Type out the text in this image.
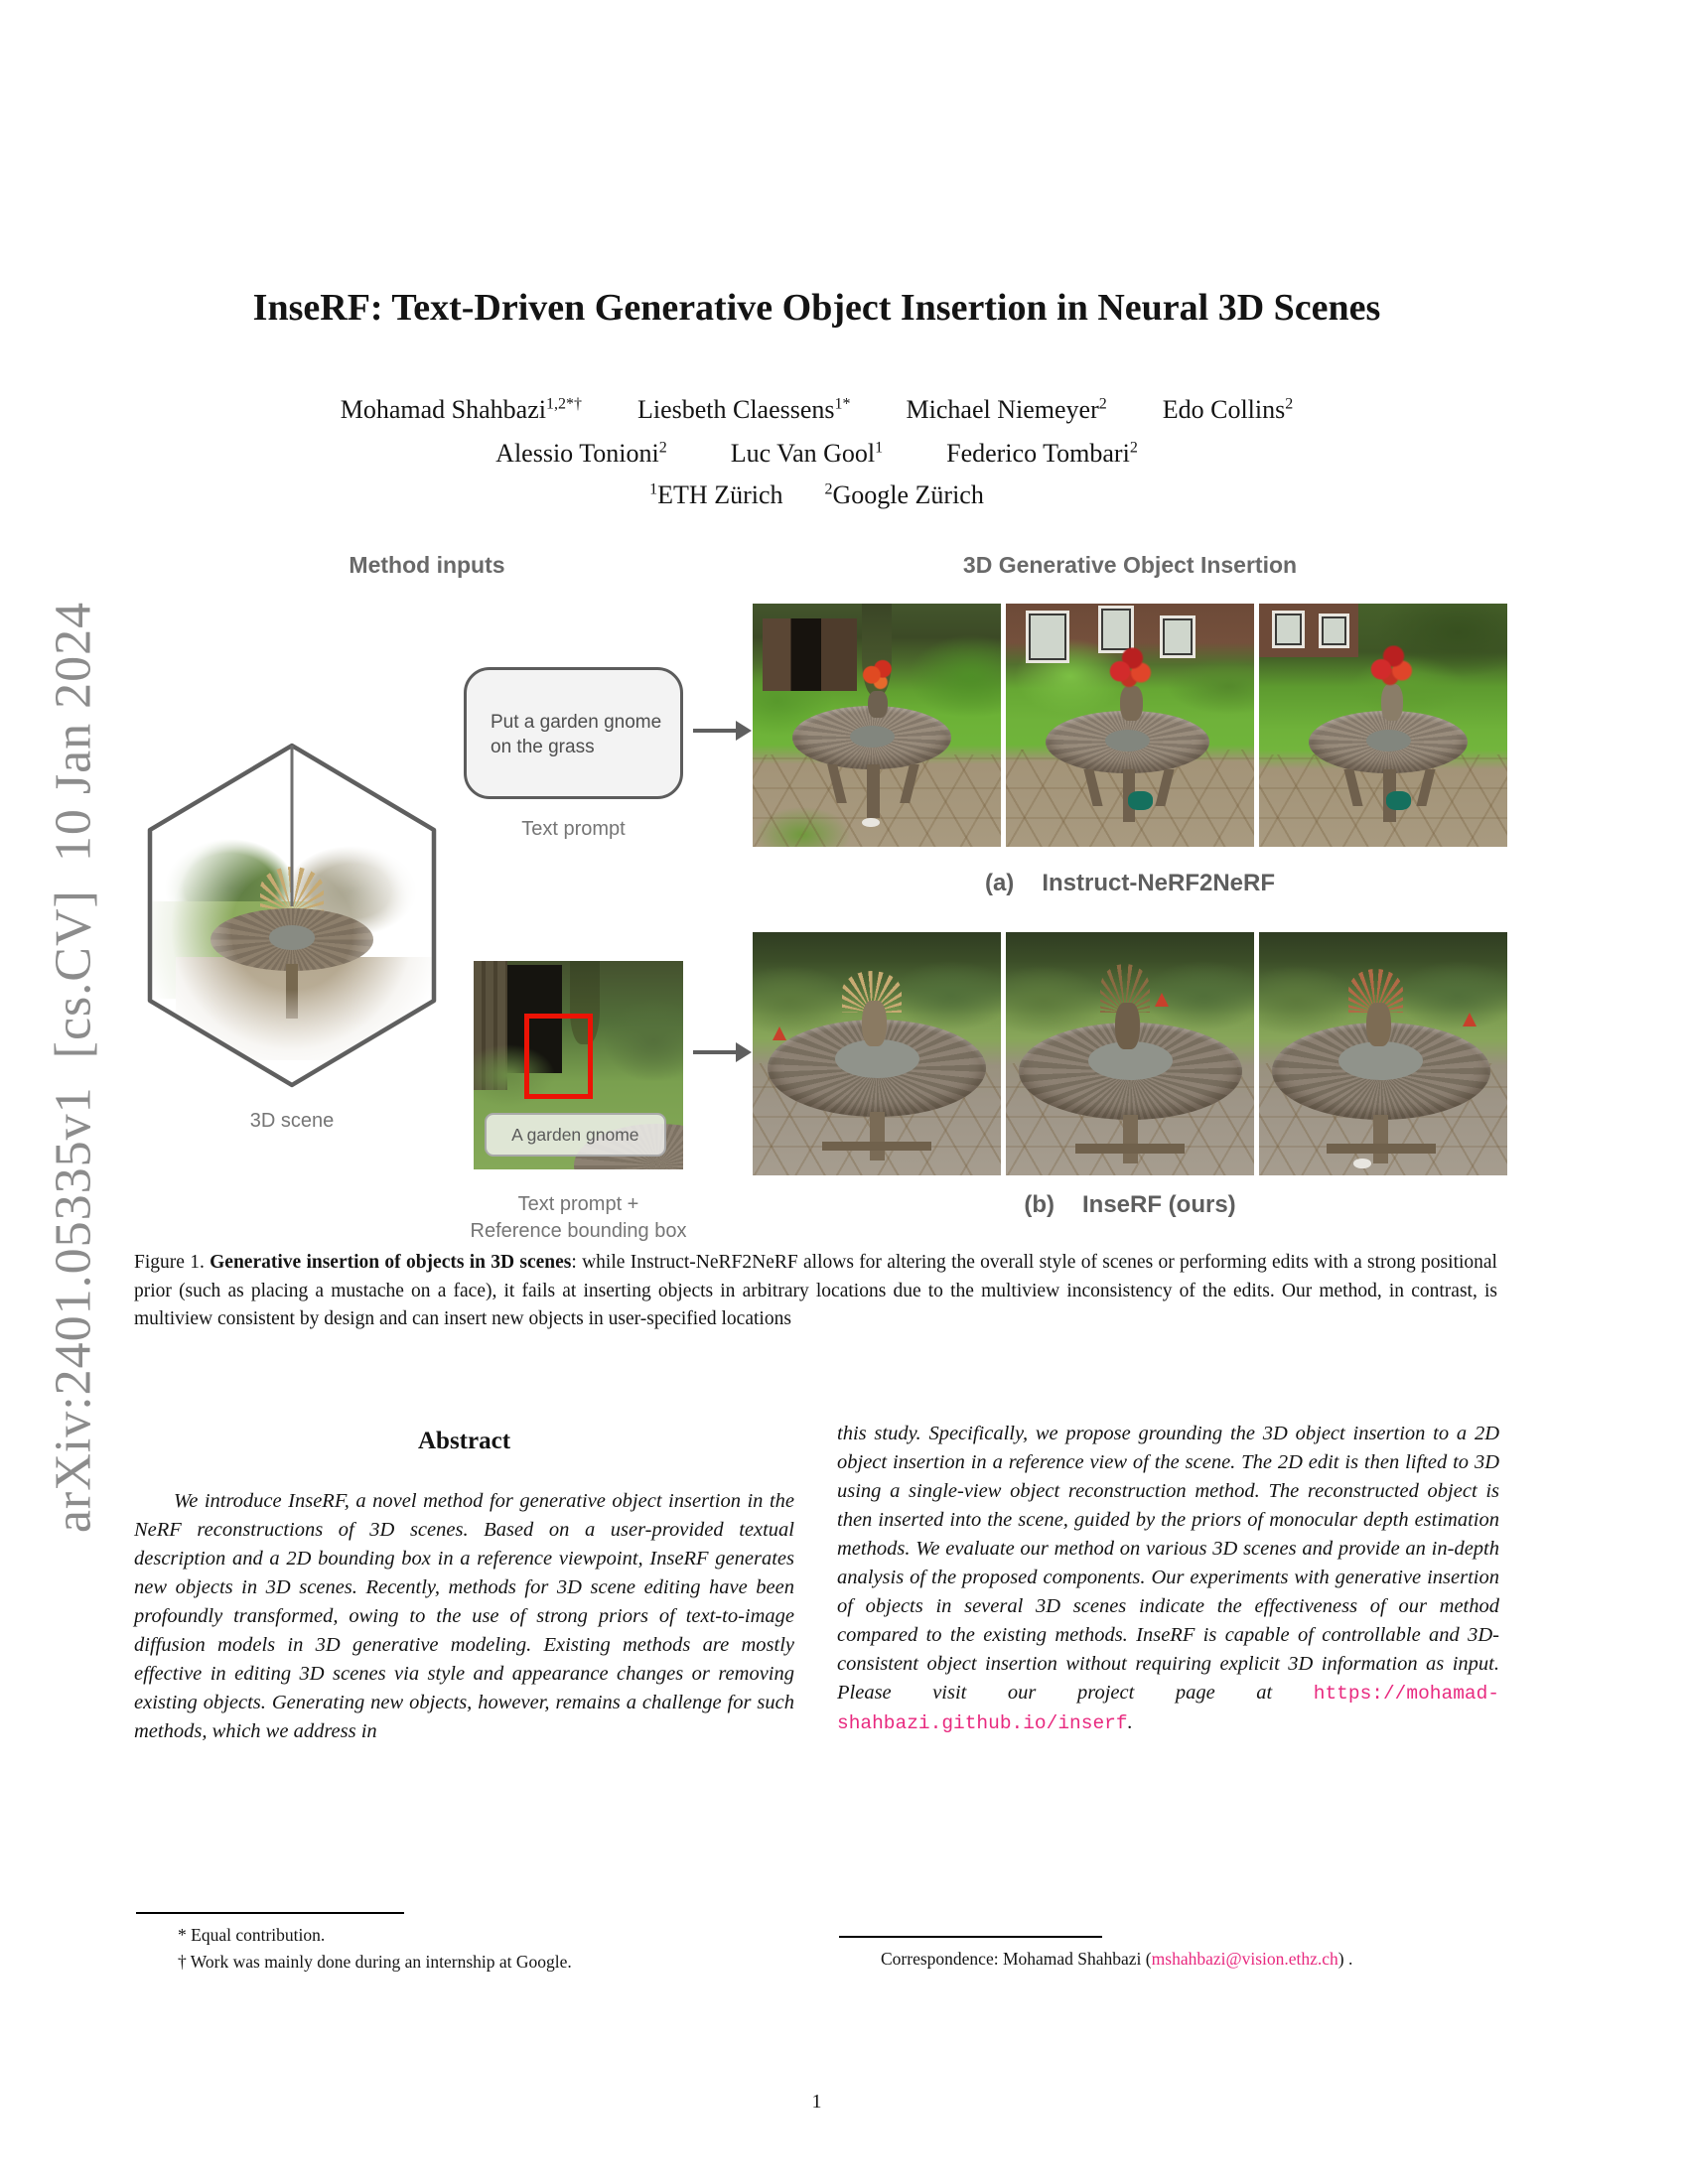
arXiv:2401.05335v1  [cs.CV]  10 Jan 2024
InseRF: Text-Driven Generative Object Insertion in Neural 3D Scenes
Mohamad Shahbazi$^{1,2*\dagger}$ Liesbeth Claessens$^{1*}$ Michael Niemeyer$^2$ Edo Collins$^2$
Alessio Tonioni$^2$ Luc Van Gool$^1$ Federico Tombari$^2$
$^1$ETH Zürich	$^2$Google Zürich
Method inputs	3D Generative Object Insertion
3D scene
Put a garden gnome on the grass
Text prompt
(a) Instruct-NeRF2NeRF
A garden gnome
Text prompt +
Reference bounding box
(b) InseRF (ours)

Figure 1. Generative insertion of objects in 3D scenes: while Instruct-NeRF2NeRF allows for altering the overall style of scenes or performing edits with a strong positional prior (such as placing a mustache on a face), it fails at inserting objects in arbitrary locations due to the multiview inconsistency of the edits. Our method, in contrast, is multiview consistent by design and can insert new objects in user-specified locations

Abstract

We introduce InseRF, a novel method for generative object insertion in the NeRF reconstructions of 3D scenes. Based on a user-provided textual description and a 2D bounding box in a reference viewpoint, InseRF generates new objects in 3D scenes. Recently, methods for 3D scene editing have been profoundly transformed, owing to the use of strong priors of text-to-image diffusion models in 3D generative modeling. Existing methods are mostly effective in editing 3D scenes via style and appearance changes or removing existing objects. Generating new objects, however, remains a challenge for such methods, which we address in

this study. Specifically, we propose grounding the 3D object insertion to a 2D object insertion in a reference view of the scene. The 2D edit is then lifted to 3D using a single-view object reconstruction method. The reconstructed object is then inserted into the scene, guided by the priors of monocular depth estimation methods. We evaluate our method on various 3D scenes and provide an in-depth analysis of the proposed components. Our experiments with generative insertion of objects in several 3D scenes indicate the effectiveness of our method compared to the existing methods. InseRF is capable of controllable and 3D-consistent object insertion without requiring explicit 3D information as input. Please visit our project page at https://mohamad-shahbazi.github.io/inserf.

* Equal contribution.

† Work was mainly done during an internship at Google.	Correspondence: Mohamad Shahbazi (mshahbazi@vision.ethz.ch) .

1
